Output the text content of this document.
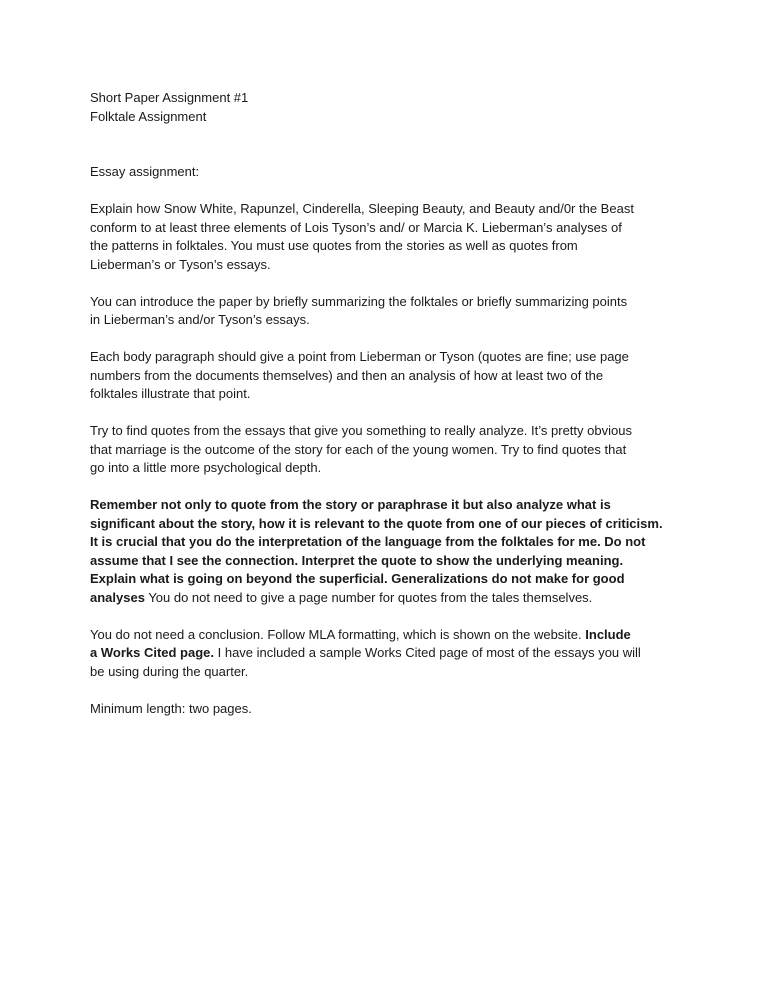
Short Paper Assignment #1
Folktale Assignment

Essay assignment:

Explain how Snow White, Rapunzel, Cinderella, Sleeping Beauty, and Beauty and/0r the Beast
conform to at least three elements of Lois Tyson’s and/ or Marcia K. Lieberman’s analyses of
the patterns in folktales. You must use quotes from the stories as well as quotes from
Lieberman’s or Tyson’s essays.

You can introduce the paper by briefly summarizing the folktales or briefly summarizing points
in Lieberman’s and/or Tyson’s essays.

Each body paragraph should give a point from Lieberman or Tyson (quotes are fine; use page
numbers from the documents themselves) and then an analysis of how at least two of the
folktales illustrate that point.

Try to find quotes from the essays that give you something to really analyze. It’s pretty obvious
that marriage is the outcome of the story for each of the young women. Try to find quotes that
go into a little more psychological depth.

Remember not only to quote from the story or paraphrase it but also analyze what is
significant about the story, how it is relevant to the quote from one of our pieces of criticism.
It is crucial that you do the interpretation of the language from the folktales for me. Do not
assume that I see the connection. Interpret the quote to show the underlying meaning.
Explain what is going on beyond the superficial. Generalizations do not make for good
analyses You do not need to give a page number for quotes from the tales themselves.

You do not need a conclusion. Follow MLA formatting, which is shown on the website. Include
a Works Cited page. I have included a sample Works Cited page of most of the essays you will
be using during the quarter.

Minimum length: two pages.
